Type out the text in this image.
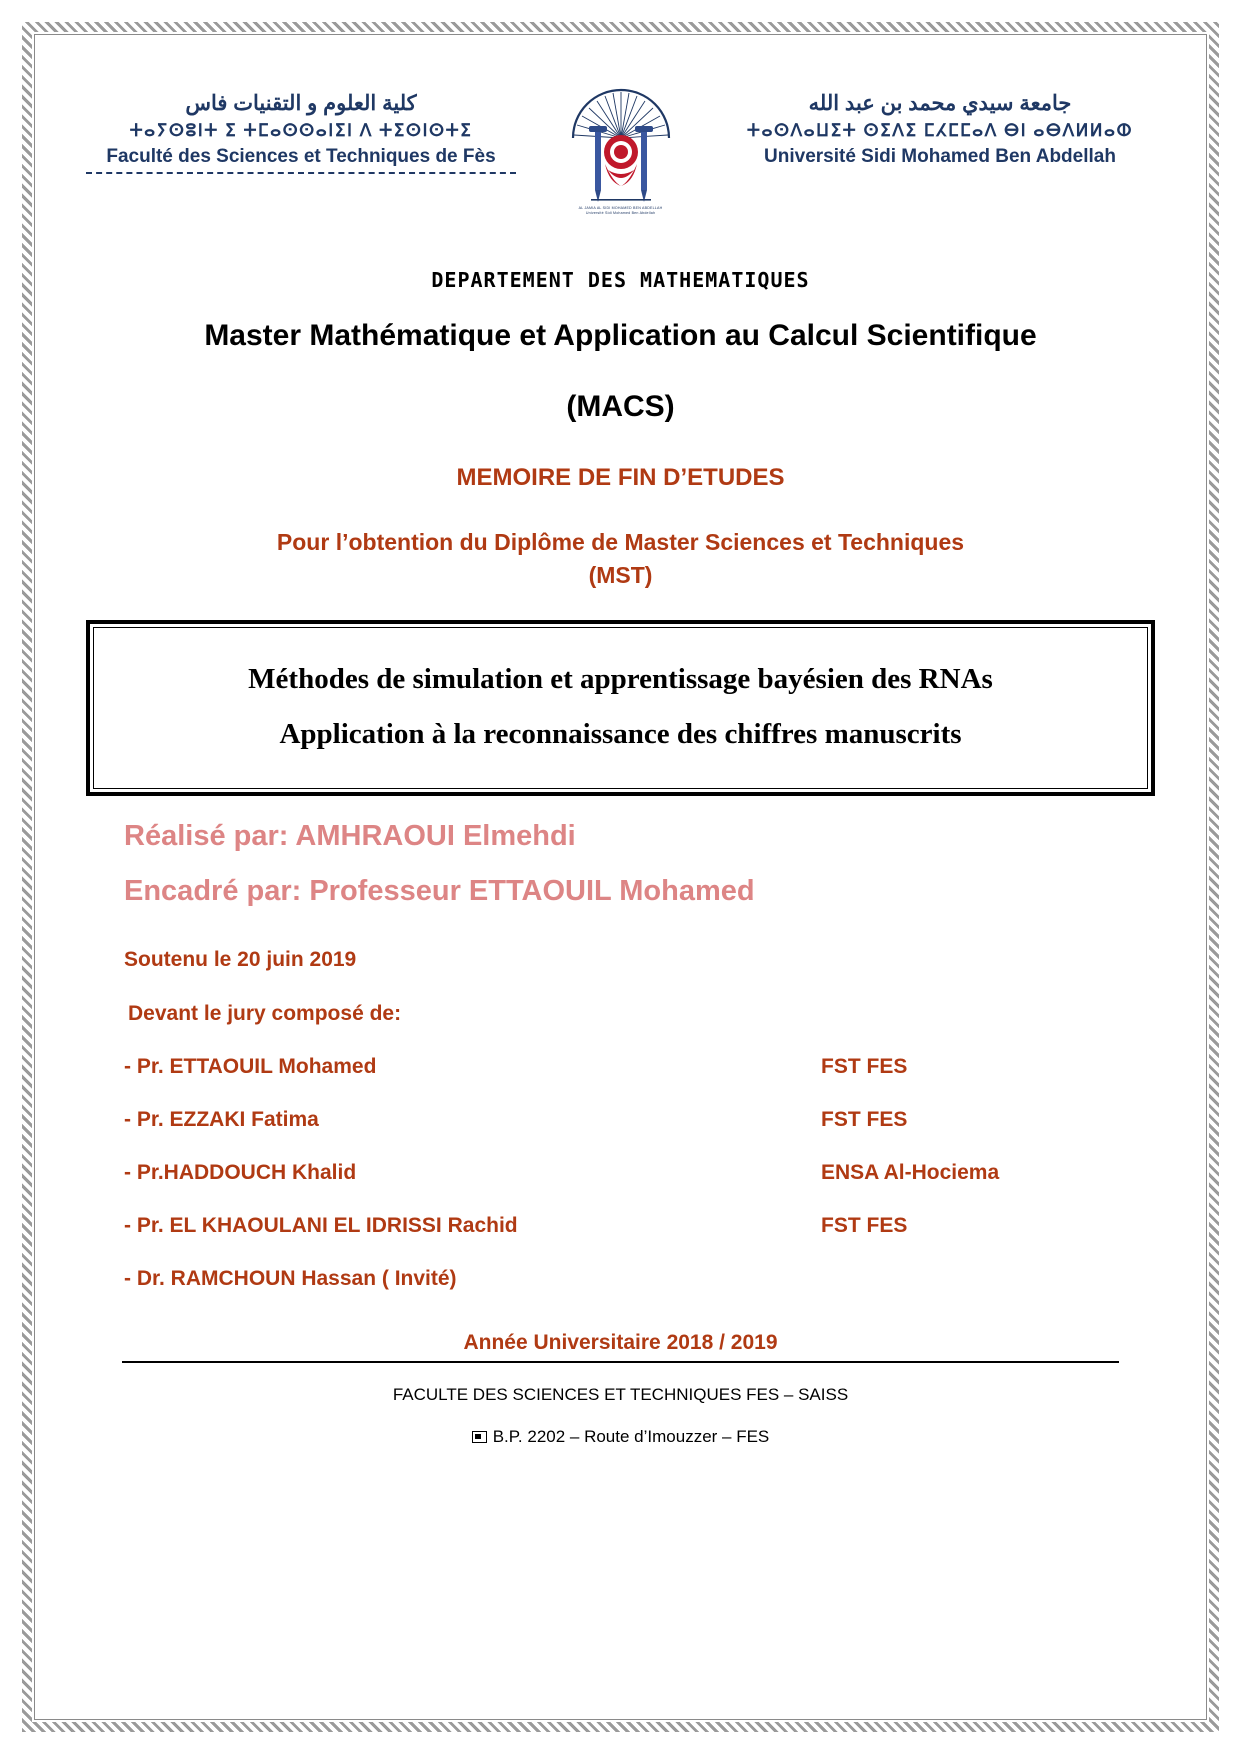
كلية العلوم و التقنيات فاس
ⵜⴰⵢⵙⵓⵏⵜ ⵉ ⵜⵎⴰⵙⵙⴰⵏⵉⵏ ⴷ ⵜⵉⵙⵏⵙⵜⵉ
Faculté des Sciences et Techniques de Fès
AL JAMIA AL SIDI MOHAMED BEN ABDELLAH
Université Sidi Mohamed Ben Abdellah
جامعة سيدي محمد بن عبد الله
ⵜⴰⵙⴷⴰⵡⵉⵜ ⵙⵉⴷⵉ ⵎⵃⵎⵎⴰⴷ ⴱⵏ ⴰⴱⴷⵍⵍⴰⵀ
Université Sidi Mohamed Ben Abdellah
DEPARTEMENT DES MATHEMATIQUES
Master Mathématique et Application au Calcul Scientifique
(MACS)
MEMOIRE DE FIN D’ETUDES
Pour l’obtention du Diplôme de Master Sciences et Techniques
(MST)
Méthodes de simulation et apprentissage bayésien des RNAs
Application à la reconnaissance des chiffres manuscrits
Réalisé par: AMHRAOUI Elmehdi
Encadré par: Professeur ETTAOUIL Mohamed
Soutenu le 20 juin 2019
Devant le jury composé de:
- Pr. ETTAOUIL Mohamed	FST FES
- Pr. EZZAKI Fatima	FST FES
- Pr.HADDOUCH Khalid	ENSA Al-Hociema
- Pr. EL KHAOULANI EL IDRISSI Rachid	FST FES
- Dr. RAMCHOUN Hassan ( Invité)
Année Universitaire 2018 / 2019
FACULTE DES SCIENCES ET TECHNIQUES FES – SAISS
B.P. 2202 – Route d’Imouzzer – FES
